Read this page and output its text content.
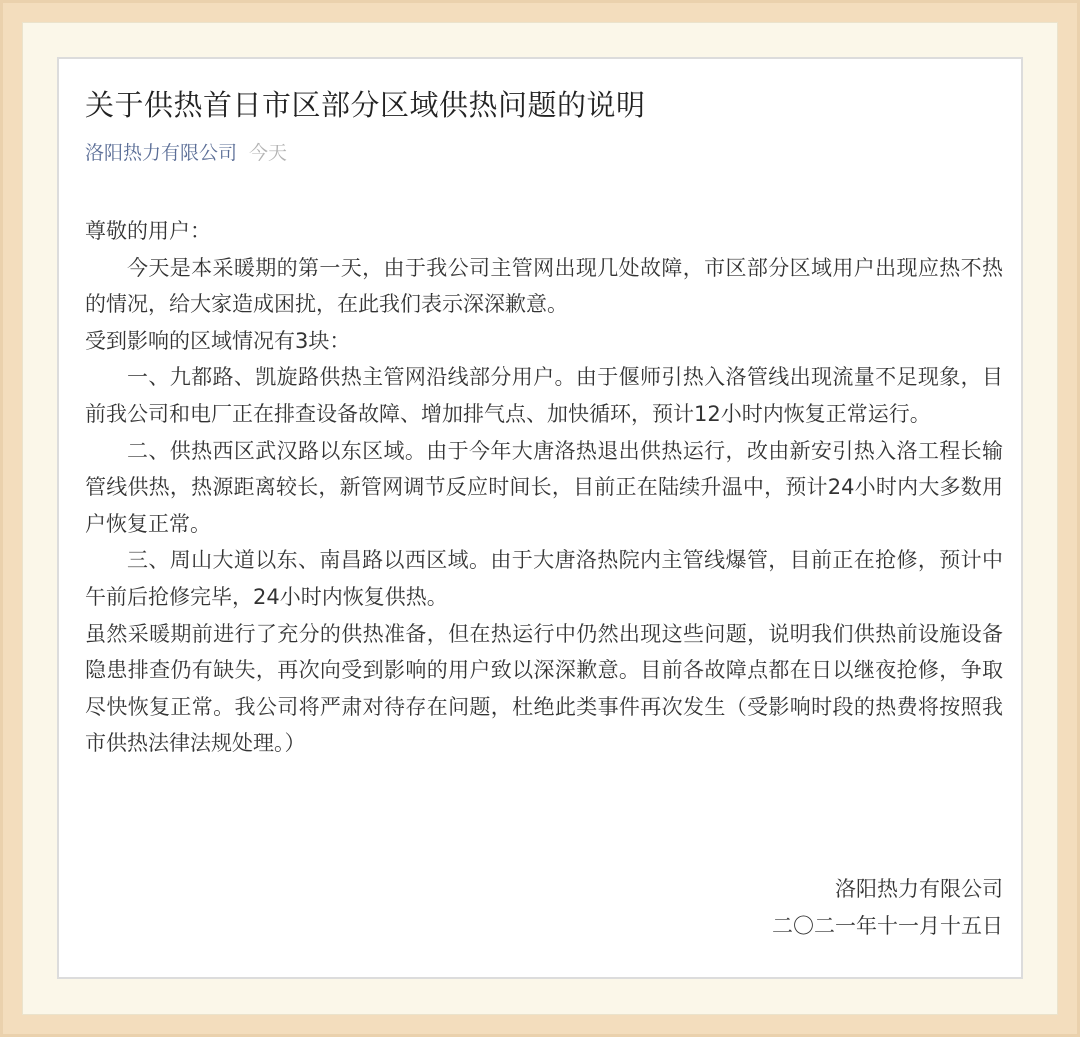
关于供热首日市区部分区域供热问题的说明
洛阳热力有限公司 今天

尊敬的用户：

今天是本采暖期的第一天，由于我公司主管网出现几处故障，市区部分区域用户出现应热不热的情况，给大家造成困扰，在此我们表示深深歉意。

受到影响的区域情况有3块：

一、九都路、凯旋路供热主管网沿线部分用户。由于偃师引热入洛管线出现流量不足现象，目前我公司和电厂正在排查设备故障、增加排气点、加快循环，预计12小时内恢复正常运行。

二、供热西区武汉路以东区域。由于今年大唐洛热退出供热运行，改由新安引热入洛工程长输管线供热，热源距离较长，新管网调节反应时间长，目前正在陆续升温中，预计24小时内大多数用户恢复正常。

三、周山大道以东、南昌路以西区域。由于大唐洛热院内主管线爆管，目前正在抢修，预计中午前后抢修完毕，24小时内恢复供热。

虽然采暖期前进行了充分的供热准备，但在热运行中仍然出现这些问题，说明我们供热前设施设备隐患排查仍有缺失，再次向受到影响的用户致以深深歉意。目前各故障点都在日以继夜抢修，争取尽快恢复正常。我公司将严肃对待存在问题，杜绝此类事件再次发生（受影响时段的热费将按照我市供热法律法规处理。）

洛阳热力有限公司
二〇二一年十一月十五日
